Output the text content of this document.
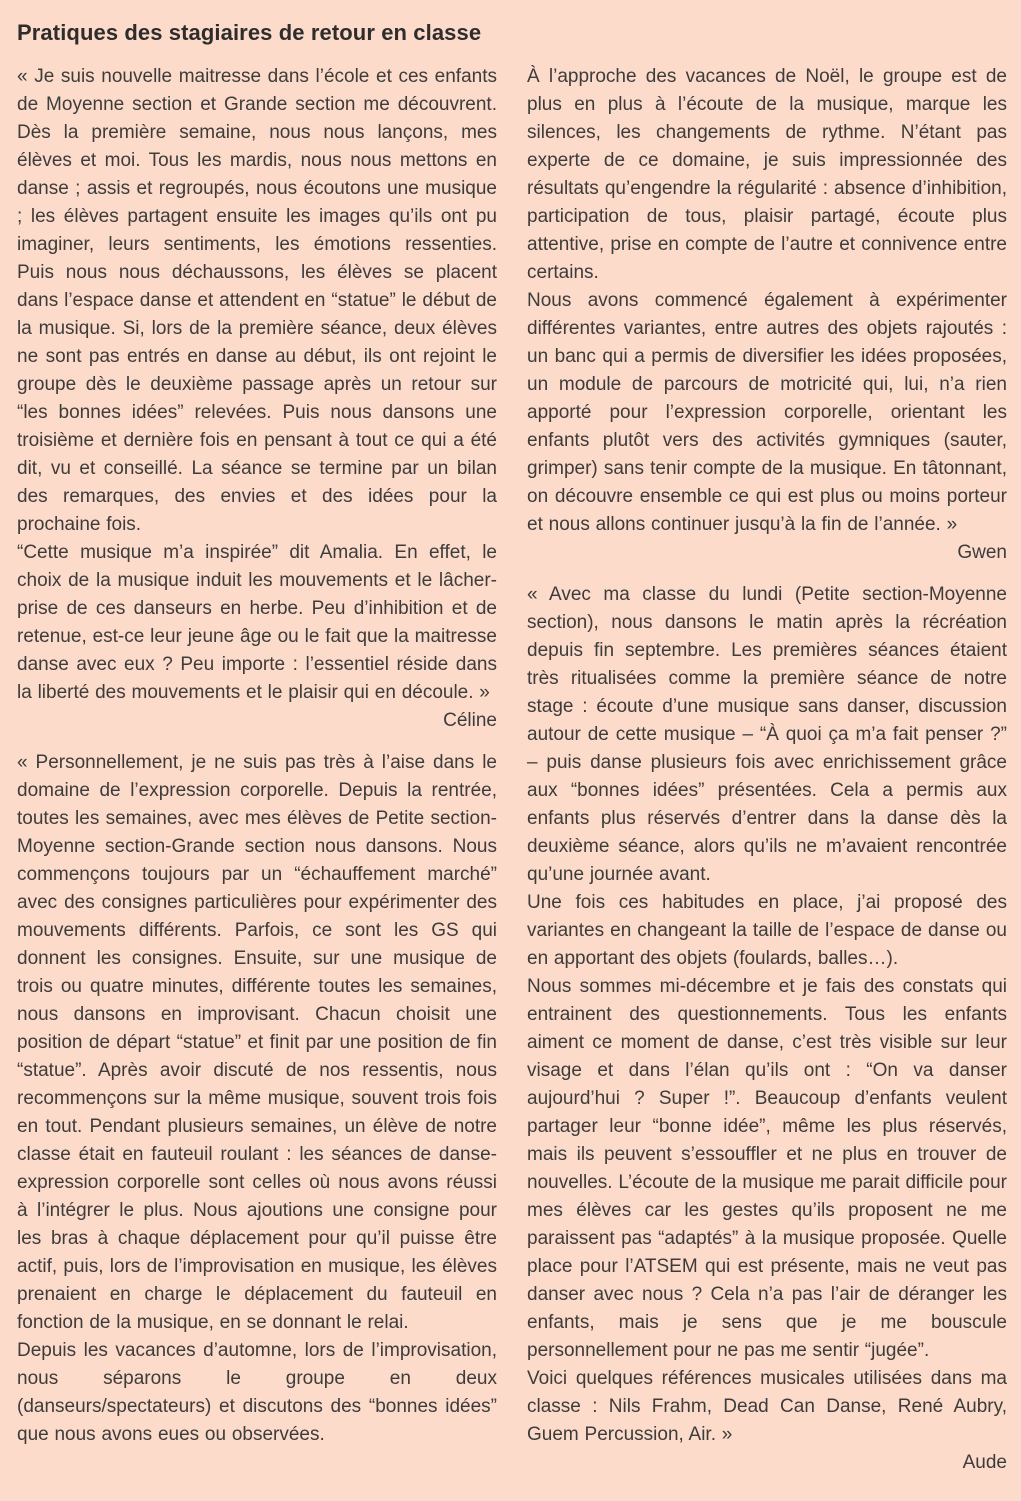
Pratiques des stagiaires de retour en classe

« Je suis nouvelle maitresse dans l’école et ces enfants de Moyenne section et Grande section me découvrent. Dès la première semaine, nous nous lançons, mes élèves et moi. Tous les mardis, nous nous mettons en danse ; assis et regroupés, nous écoutons une musique ; les élèves partagent ensuite les images qu’ils ont pu imaginer, leurs sentiments, les émotions ressenties. Puis nous nous déchaussons, les élèves se placent dans l’espace danse et attendent en “statue” le début de la musique. Si, lors de la première séance, deux élèves ne sont pas entrés en danse au début, ils ont rejoint le groupe dès le deuxième passage après un retour sur “les bonnes idées” relevées. Puis nous dansons une troisième et dernière fois en pensant à tout ce qui a été dit, vu et conseillé. La séance se termine par un bilan des remarques, des envies et des idées pour la prochaine fois.

“Cette musique m’a inspirée” dit Amalia. En effet, le choix de la musique induit les mouvements et le lâcher-prise de ces danseurs en herbe. Peu d’inhibition et de retenue, est-ce leur jeune âge ou le fait que la maitresse danse avec eux ? Peu importe : l’essentiel réside dans la liberté des mouvements et le plaisir qui en découle. »

Céline

« Personnellement, je ne suis pas très à l’aise dans le domaine de l’expression corporelle. Depuis la rentrée, toutes les semaines, avec mes élèves de Petite section-Moyenne section-Grande section nous dansons. Nous commençons toujours par un “échauffement marché” avec des consignes particulières pour expérimenter des mouvements différents. Parfois, ce sont les GS qui donnent les consignes. Ensuite, sur une musique de trois ou quatre minutes, différente toutes les semaines, nous dansons en improvisant. Chacun choisit une position de départ “statue” et finit par une position de fin “statue”. Après avoir discuté de nos ressentis, nous recommençons sur la même musique, souvent trois fois en tout. Pendant plusieurs semaines, un élève de notre classe était en fauteuil roulant : les séances de danse-expression corporelle sont celles où nous avons réussi à l’intégrer le plus. Nous ajoutions une consigne pour les bras à chaque déplacement pour qu’il puisse être actif, puis, lors de l’improvisation en musique, les élèves prenaient en charge le déplacement du fauteuil en fonction de la musique, en se donnant le relai.

Depuis les vacances d’automne, lors de l’improvisation, nous séparons le groupe en deux (danseurs/spectateurs) et discutons des “bonnes idées” que nous avons eues ou observées.

À l’approche des vacances de Noël, le groupe est de plus en plus à l’écoute de la musique, marque les silences, les changements de rythme. N’étant pas experte de ce domaine, je suis impressionnée des résultats qu’engendre la régularité : absence d’inhibition, participation de tous, plaisir partagé, écoute plus attentive, prise en compte de l’autre et connivence entre certains.

Nous avons commencé également à expérimenter différentes variantes, entre autres des objets rajoutés : un banc qui a permis de diversifier les idées proposées, un module de parcours de motricité qui, lui, n’a rien apporté pour l’expression corporelle, orientant les enfants plutôt vers des activités gymniques (sauter, grimper) sans tenir compte de la musique. En tâtonnant, on découvre ensemble ce qui est plus ou moins porteur et nous allons continuer jusqu’à la fin de l’année. »

Gwen

« Avec ma classe du lundi (Petite section-Moyenne section), nous dansons le matin après la récréation depuis fin septembre. Les premières séances étaient très ritualisées comme la première séance de notre stage : écoute d’une musique sans danser, discussion autour de cette musique – “À quoi ça m’a fait penser ?” – puis danse plusieurs fois avec enrichissement grâce aux “bonnes idées” présentées. Cela a permis aux enfants plus réservés d’entrer dans la danse dès la deuxième séance, alors qu’ils ne m’avaient rencontrée qu’une journée avant.

Une fois ces habitudes en place, j’ai proposé des variantes en changeant la taille de l’espace de danse ou en apportant des objets (foulards, balles…).

Nous sommes mi-décembre et je fais des constats qui entrainent des questionnements. Tous les enfants aiment ce moment de danse, c’est très visible sur leur visage et dans l’élan qu’ils ont : “On va danser aujourd’hui ? Super !”. Beaucoup d’enfants veulent partager leur “bonne idée”, même les plus réservés, mais ils peuvent s’essouffler et ne plus en trouver de nouvelles. L’écoute de la musique me parait difficile pour mes élèves car les gestes qu’ils proposent ne me paraissent pas “adaptés” à la musique proposée. Quelle place pour l’ATSEM qui est présente, mais ne veut pas danser avec nous ? Cela n’a pas l’air de déranger les enfants, mais je sens que je me bouscule personnellement pour ne pas me sentir “jugée”.

Voici quelques références musicales utilisées dans ma classe : Nils Frahm, Dead Can Danse, René Aubry, Guem Percussion, Air. »

Aude
